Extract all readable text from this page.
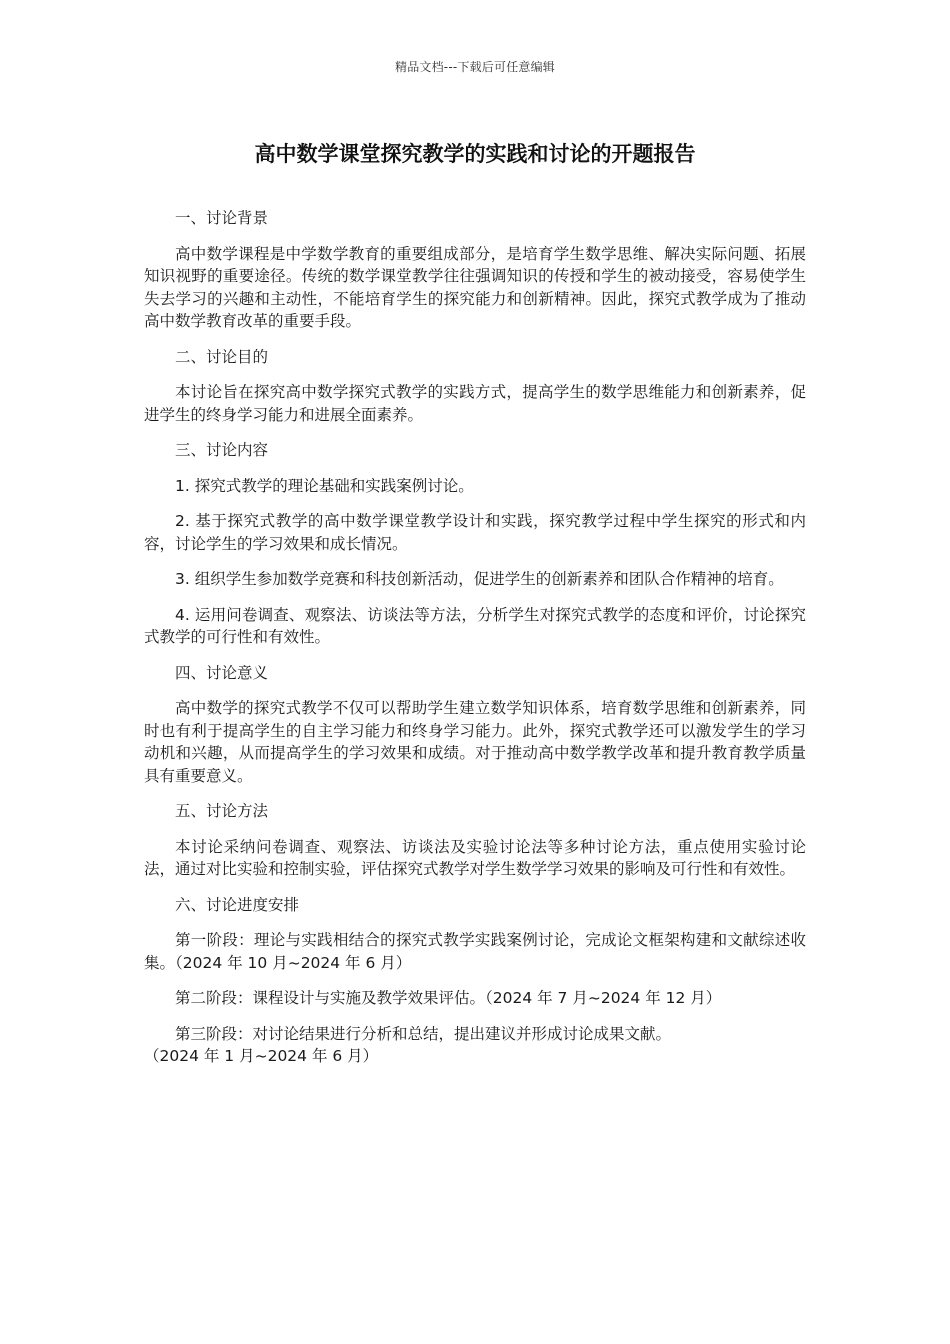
精品文档---下载后可任意编辑
高中数学课堂探究教学的实践和讨论的开题报告

一、讨论背景

高中数学课程是中学数学教育的重要组成部分，是培育学生数学思维、解决实际问题、拓展知识视野的重要途径。传统的数学课堂教学往往强调知识的传授和学生的被动接受，容易使学生失去学习的兴趣和主动性，不能培育学生的探究能力和创新精神。因此，探究式教学成为了推动高中数学教育改革的重要手段。

二、讨论目的

本讨论旨在探究高中数学探究式教学的实践方式，提高学生的数学思维能力和创新素养，促进学生的终身学习能力和进展全面素养。

三、讨论内容

1. 探究式教学的理论基础和实践案例讨论。

2. 基于探究式教学的高中数学课堂教学设计和实践，探究教学过程中学生探究的形式和内容，讨论学生的学习效果和成长情况。

3. 组织学生参加数学竞赛和科技创新活动，促进学生的创新素养和团队合作精神的培育。

4. 运用问卷调查、观察法、访谈法等方法，分析学生对探究式教学的态度和评价，讨论探究式教学的可行性和有效性。

四、讨论意义

高中数学的探究式教学不仅可以帮助学生建立数学知识体系，培育数学思维和创新素养，同时也有利于提高学生的自主学习能力和终身学习能力。此外，探究式教学还可以激发学生的学习动机和兴趣，从而提高学生的学习效果和成绩。对于推动高中数学教学改革和提升教育教学质量具有重要意义。

五、讨论方法

本讨论采纳问卷调查、观察法、访谈法及实验讨论法等多种讨论方法，重点使用实验讨论法，通过对比实验和控制实验，评估探究式教学对学生数学学习效果的影响及可行性和有效性。

六、讨论进度安排

第一阶段：理论与实践相结合的探究式教学实践案例讨论，完成论文框架构建和文献综述收集。（2024 年 10 月~2024 年 6 月）

第二阶段：课程设计与实施及教学效果评估。（2024 年 7 月~2024 年 12 月）

第三阶段：对讨论结果进行分析和总结，提出建议并形成讨论成果文献。

（2024 年 1 月~2024 年 6 月）
